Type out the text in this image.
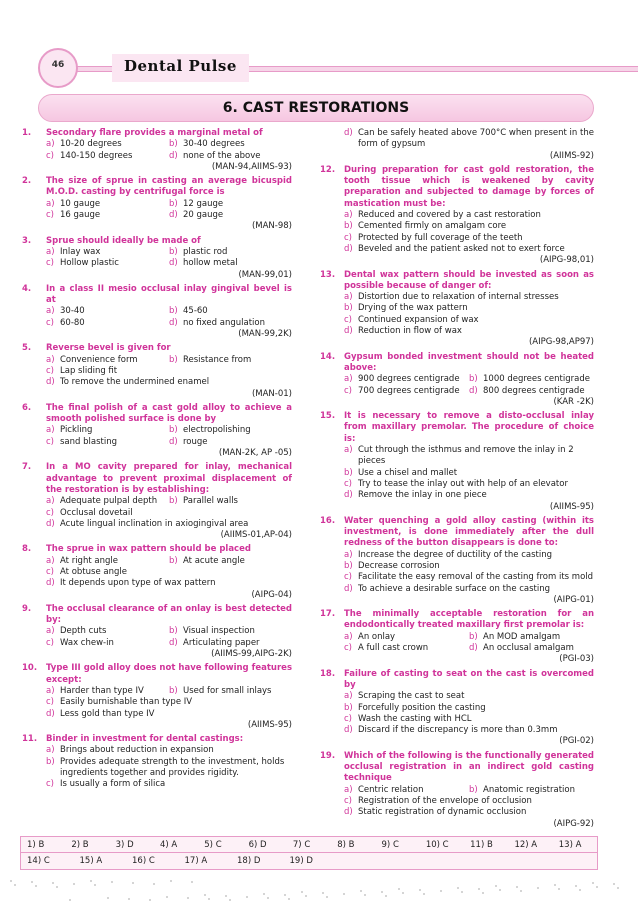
46	Dental Pulse
6. CAST RESTORATIONS
1.	Secondary flare provides a marginal metal of
a) 10-20 degrees	b) 30-40 degrees
c) 140-150 degrees	d) none of the above
(MAN-94,AIIMS-93)
2.	The size of sprue in casting an average bicuspid M.O.D. casting by centrifugal force is
a) 10 gauge	b) 12 gauge
c) 16 gauge	d) 20 gauge
(MAN-98)
3.	Sprue should ideally be made of
a) Inlay wax	b) plastic rod
c) Hollow plastic	d) hollow metal
(MAN-99,01)
4.	In a class II mesio occlusal inlay gingival bevel is at
a) 30-40	b) 45-60
c) 60-80	d) no fixed angulation
(MAN-99,2K)
5.	Reverse bevel is given for
a) Convenience form	b) Resistance from
c) Lap sliding fit
d) To remove the undermined enamel
(MAN-01)
6.	The final polish of a cast gold alloy to achieve a smooth polished surface is done by
a) Pickling	b) electropolishing
c) sand blasting	d) rouge
(MAN-2K, AP -05)
7.	In a MO cavity prepared for inlay, mechanical advantage to prevent proximal displacement of the restoration is by establishing:
a) Adequate pulpal depth	b) Parallel walls
c) Occlusal dovetail
d) Acute lingual inclination in axiogingival area
(AIIMS-01,AP-04)
8.	The sprue in wax pattern should be placed
a) At right angle	b) At acute angle
c) At obtuse angle
d) It depends upon type of wax pattern
(AIPG-04)
9.	The occlusal clearance of an onlay is best detected by:
a) Depth cuts	b) Visual inspection
c) Wax chew-in	d) Articulating paper
(AIIMS-99,AIPG-2K)
10.	Type III gold alloy does not have following features except:
a) Harder than type IV	b) Used for small inlays
c) Easily burnishable than type IV
d) Less gold than type IV
(AIIMS-95)
11.	Binder in investment for dental castings:
a) Brings about reduction in expansion
b) Provides adequate strength to the investment, holds ingredients together and provides rigidity.
c) Is usually a form of silica
d) Can be safely heated above 700°C when present in the form of gypsum
(AIIMS-92)
12.	During preparation for cast gold restoration, the tooth tissue which is weakened by cavity preparation and subjected to damage by forces of mastication must be:
a) Reduced and covered by a cast restoration
b) Cemented firmly on amalgam core
c) Protected by full coverage of the teeth
d) Beveled and the patient asked not to exert force
(AIPG-98,01)
13.	Dental wax pattern should be invested as soon as possible because of danger of:
a) Distortion due to relaxation of internal stresses
b) Drying of the wax pattern
c) Continued expansion of wax
d) Reduction in flow of wax
(AIPG-98,AP97)
14.	Gypsum bonded investment should not be heated above:
a) 900 degrees centigrade	b) 1000 degrees centigrade
c) 700 degrees centigrade	d) 800 degrees centigrade
(KAR -2K)
15.	It is necessary to remove a disto-occlusal inlay from maxillary premolar. The procedure of choice is:
a) Cut through the isthmus and remove the inlay in 2 pieces
b) Use a chisel and mallet
c) Try to tease the inlay out with help of an elevator
d) Remove the inlay in one piece
(AIIMS-95)
16.	Water quenching a gold alloy casting (within its investment, is done immediately after the dull redness of the button disappears is done to:
a) Increase the degree of ductility of the casting
b) Decrease corrosion
c) Facilitate the easy removal of the casting from its mold
d) To achieve a desirable surface on the casting
(AIPG-01)
17.	The minimally acceptable restoration for an endodontically treated maxillary first premolar is:
a) An onlay	b) An MOD amalgam
c) A full cast crown	d) An occlusal amalgam
(PGI-03)
18.	Failure of casting to seat on the cast is overcomed by
a) Scraping the cast to seat
b) Forcefully position the casting
c) Wash the casting with HCL
d) Discard if the discrepancy is more than 0.3mm
(PGI-02)
19.	Which of the following is the functionally generated occlusal registration in an indirect gold casting technique
a) Centric relation	b) Anatomic registration
c) Registration of the envelope of occlusion
d) Static registration of dynamic occlusion
(AIPG-92)
1) B	2) B	3) D	4) A	5) C	6) D	7) C	8) B	9) C	10) C	11) B	12) A	13) A
14) C	15) A	16) C	17) A	18) D	19) D
